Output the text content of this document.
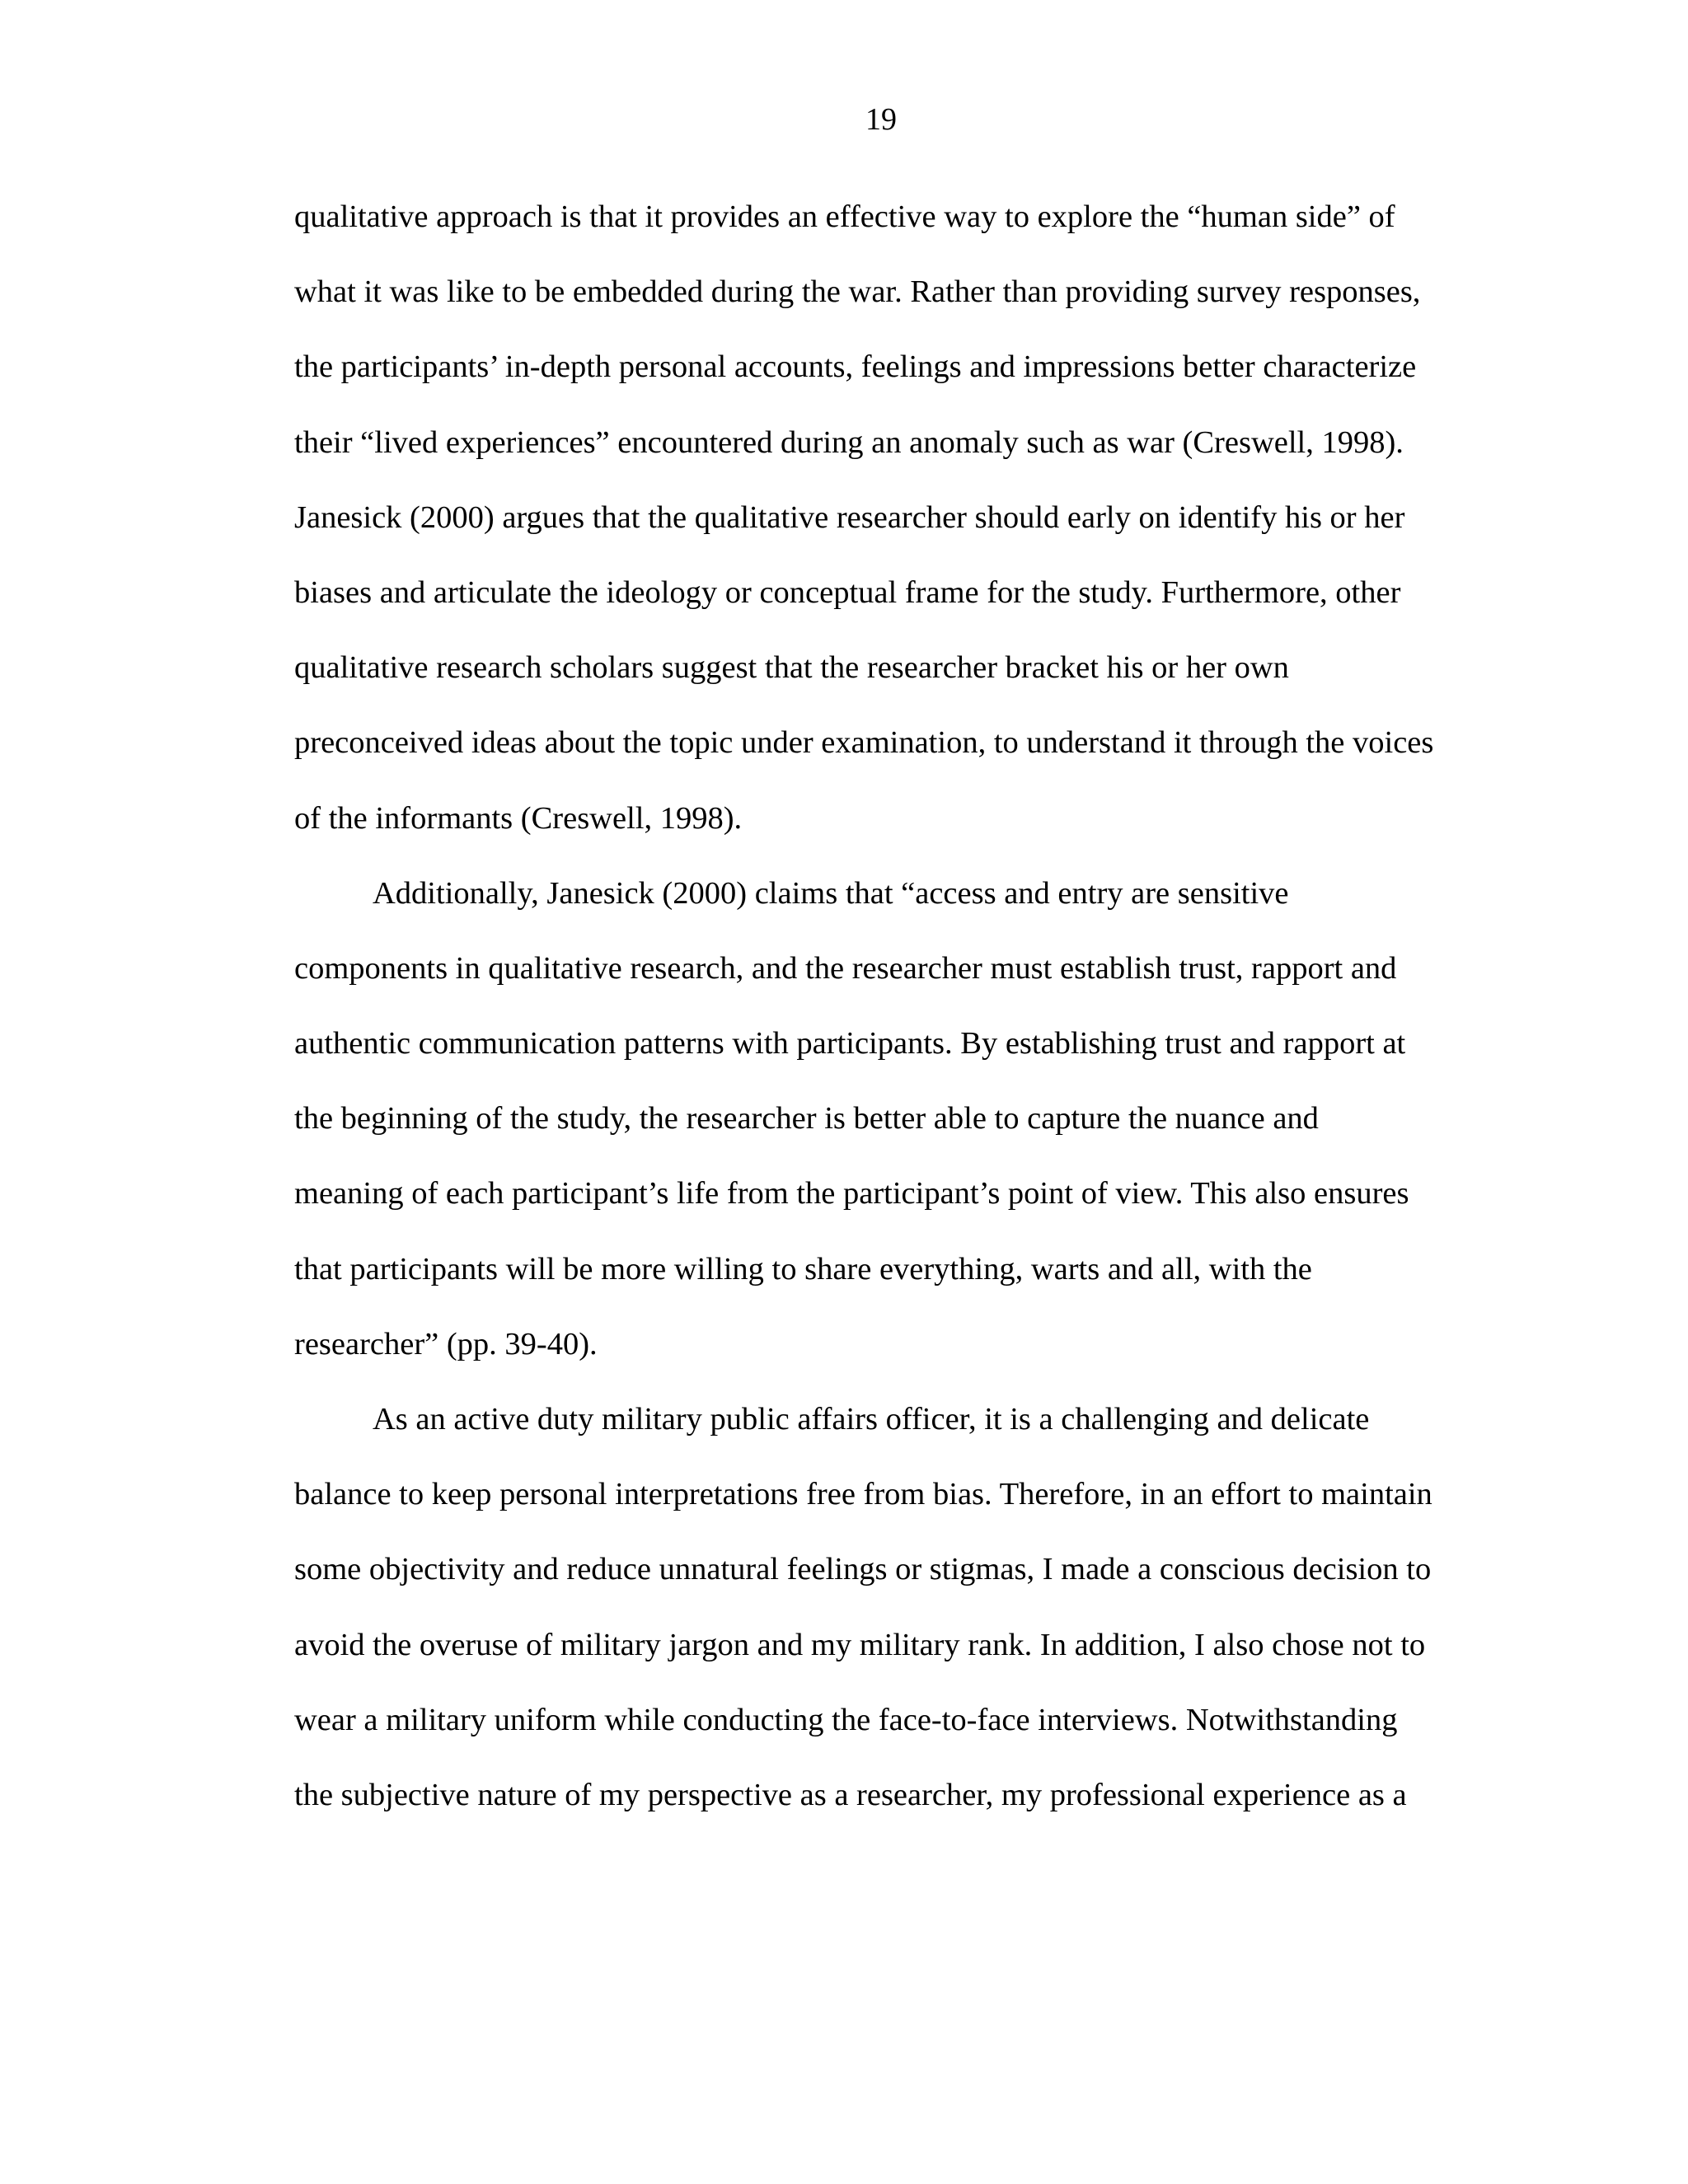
19
qualitative approach is that it provides an effective way to explore the “human side” of
what it was like to be embedded during the war. Rather than providing survey responses,
the participants’ in-depth personal accounts, feelings and impressions better characterize
their “lived experiences” encountered during an anomaly such as war (Creswell, 1998).
Janesick (2000) argues that the qualitative researcher should early on identify his or her
biases and articulate the ideology or conceptual frame for the study. Furthermore, other
qualitative research scholars suggest that the researcher bracket his or her own
preconceived ideas about the topic under examination, to understand it through the voices
of the informants (Creswell, 1998).
Additionally, Janesick (2000) claims that “access and entry are sensitive
components in qualitative research, and the researcher must establish trust, rapport and
authentic communication patterns with participants. By establishing trust and rapport at
the beginning of the study, the researcher is better able to capture the nuance and
meaning of each participant’s life from the participant’s point of view. This also ensures
that participants will be more willing to share everything, warts and all, with the
researcher” (pp. 39-40).
As an active duty military public affairs officer, it is a challenging and delicate
balance to keep personal interpretations free from bias. Therefore, in an effort to maintain
some objectivity and reduce unnatural feelings or stigmas, I made a conscious decision to
avoid the overuse of military jargon and my military rank. In addition, I also chose not to
wear a military uniform while conducting the face-to-face interviews. Notwithstanding
the subjective nature of my perspective as a researcher, my professional experience as a
